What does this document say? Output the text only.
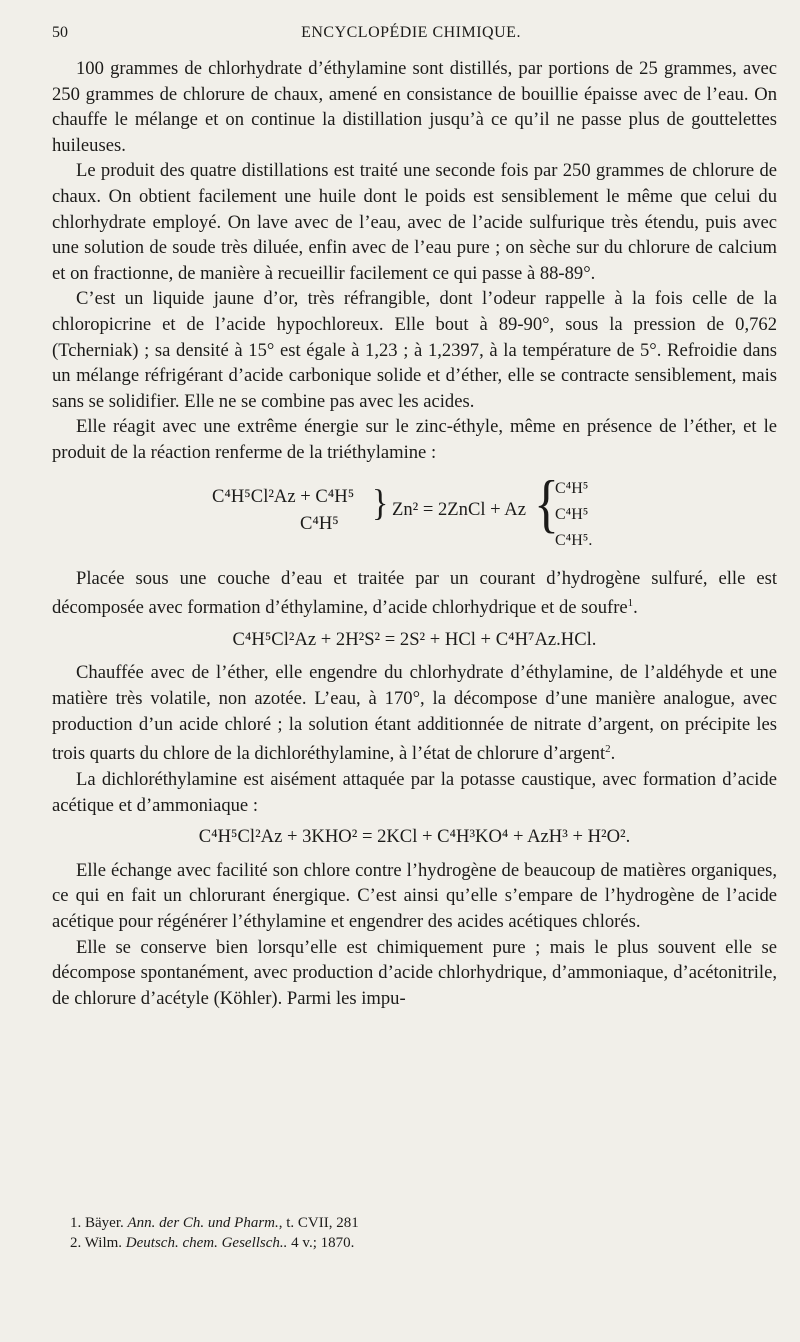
50	ENCYCLOPÉDIE CHIMIQUE.

100 grammes de chlorhydrate d’éthylamine sont distillés, par portions de 25 grammes, avec 250 grammes de chlorure de chaux, amené en consistance de bouillie épaisse avec de l’eau. On chauffe le mélange et on continue la distillation jusqu’à ce qu’il ne passe plus de gouttelettes huileuses.

Le produit des quatre distillations est traité une seconde fois par 250 grammes de chlorure de chaux. On obtient facilement une huile dont le poids est sensiblement le même que celui du chlorhydrate employé. On lave avec de l’eau, avec de l’acide sulfurique très étendu, puis avec une solution de soude très diluée, enfin avec de l’eau pure ; on sèche sur du chlorure de calcium et on fractionne, de manière à recueillir facilement ce qui passe à 88-89°.

C’est un liquide jaune d’or, très réfrangible, dont l’odeur rappelle à la fois celle de la chloropicrine et de l’acide hypochloreux. Elle bout à 89-90°, sous la pression de 0,762 (Tcherniak) ; sa densité à 15° est égale à 1,23 ; à 1,2397, à la température de 5°. Refroidie dans un mélange réfrigérant d’acide carbonique solide et d’éther, elle se contracte sensiblement, mais sans se solidifier. Elle ne se combine pas avec les acides.

Elle réagit avec une extrême énergie sur le zinc-éthyle, même en présence de l’éther, et le produit de la réaction renferme de la triéthylamine :

C⁴H⁵Cl²Az + C⁴H⁵
C⁴H⁵ } Zn² = 2ZnCl + Az {
C⁴H⁵
C⁴H⁵
C⁴H⁵.

Placée sous une couche d’eau et traitée par un courant d’hydrogène sulfuré, elle est décomposée avec formation d’éthylamine, d’acide chlorhydrique et de soufre$^1$.

C⁴H⁵Cl²Az + 2H²S² = 2S² + HCl + C⁴H⁷Az.HCl.

Chauffée avec de l’éther, elle engendre du chlorhydrate d’éthylamine, de l’aldéhyde et une matière très volatile, non azotée. L’eau, à 170°, la décompose d’une manière analogue, avec production d’un acide chloré ; la solution étant additionnée de nitrate d’argent, on précipite les trois quarts du chlore de la dichloréthylamine, à l’état de chlorure d’argent$^2$.

La dichloréthylamine est aisément attaquée par la potasse caustique, avec formation d’acide acétique et d’ammoniaque :

C⁴H⁵Cl²Az + 3KHO² = 2KCl + C⁴H³KO⁴ + AzH³ + H²O².

Elle échange avec facilité son chlore contre l’hydrogène de beaucoup de matières organiques, ce qui en fait un chlorurant énergique. C’est ainsi qu’elle s’empare de l’hydrogène de l’acide acétique pour régénérer l’éthylamine et engendrer des acides acétiques chlorés.

Elle se conserve bien lorsqu’elle est chimiquement pure ; mais le plus souvent elle se décompose spontanément, avec production d’acide chlorhydrique, d’ammoniaque, d’acétonitrile, de chlorure d’acétyle (Köhler). Parmi les impu-

1. Bäyer. Ann. der Ch. und Pharm., t. CVII, 281

2. Wilm. Deutsch. chem. Gesellsch.. 4 v.; 1870.
